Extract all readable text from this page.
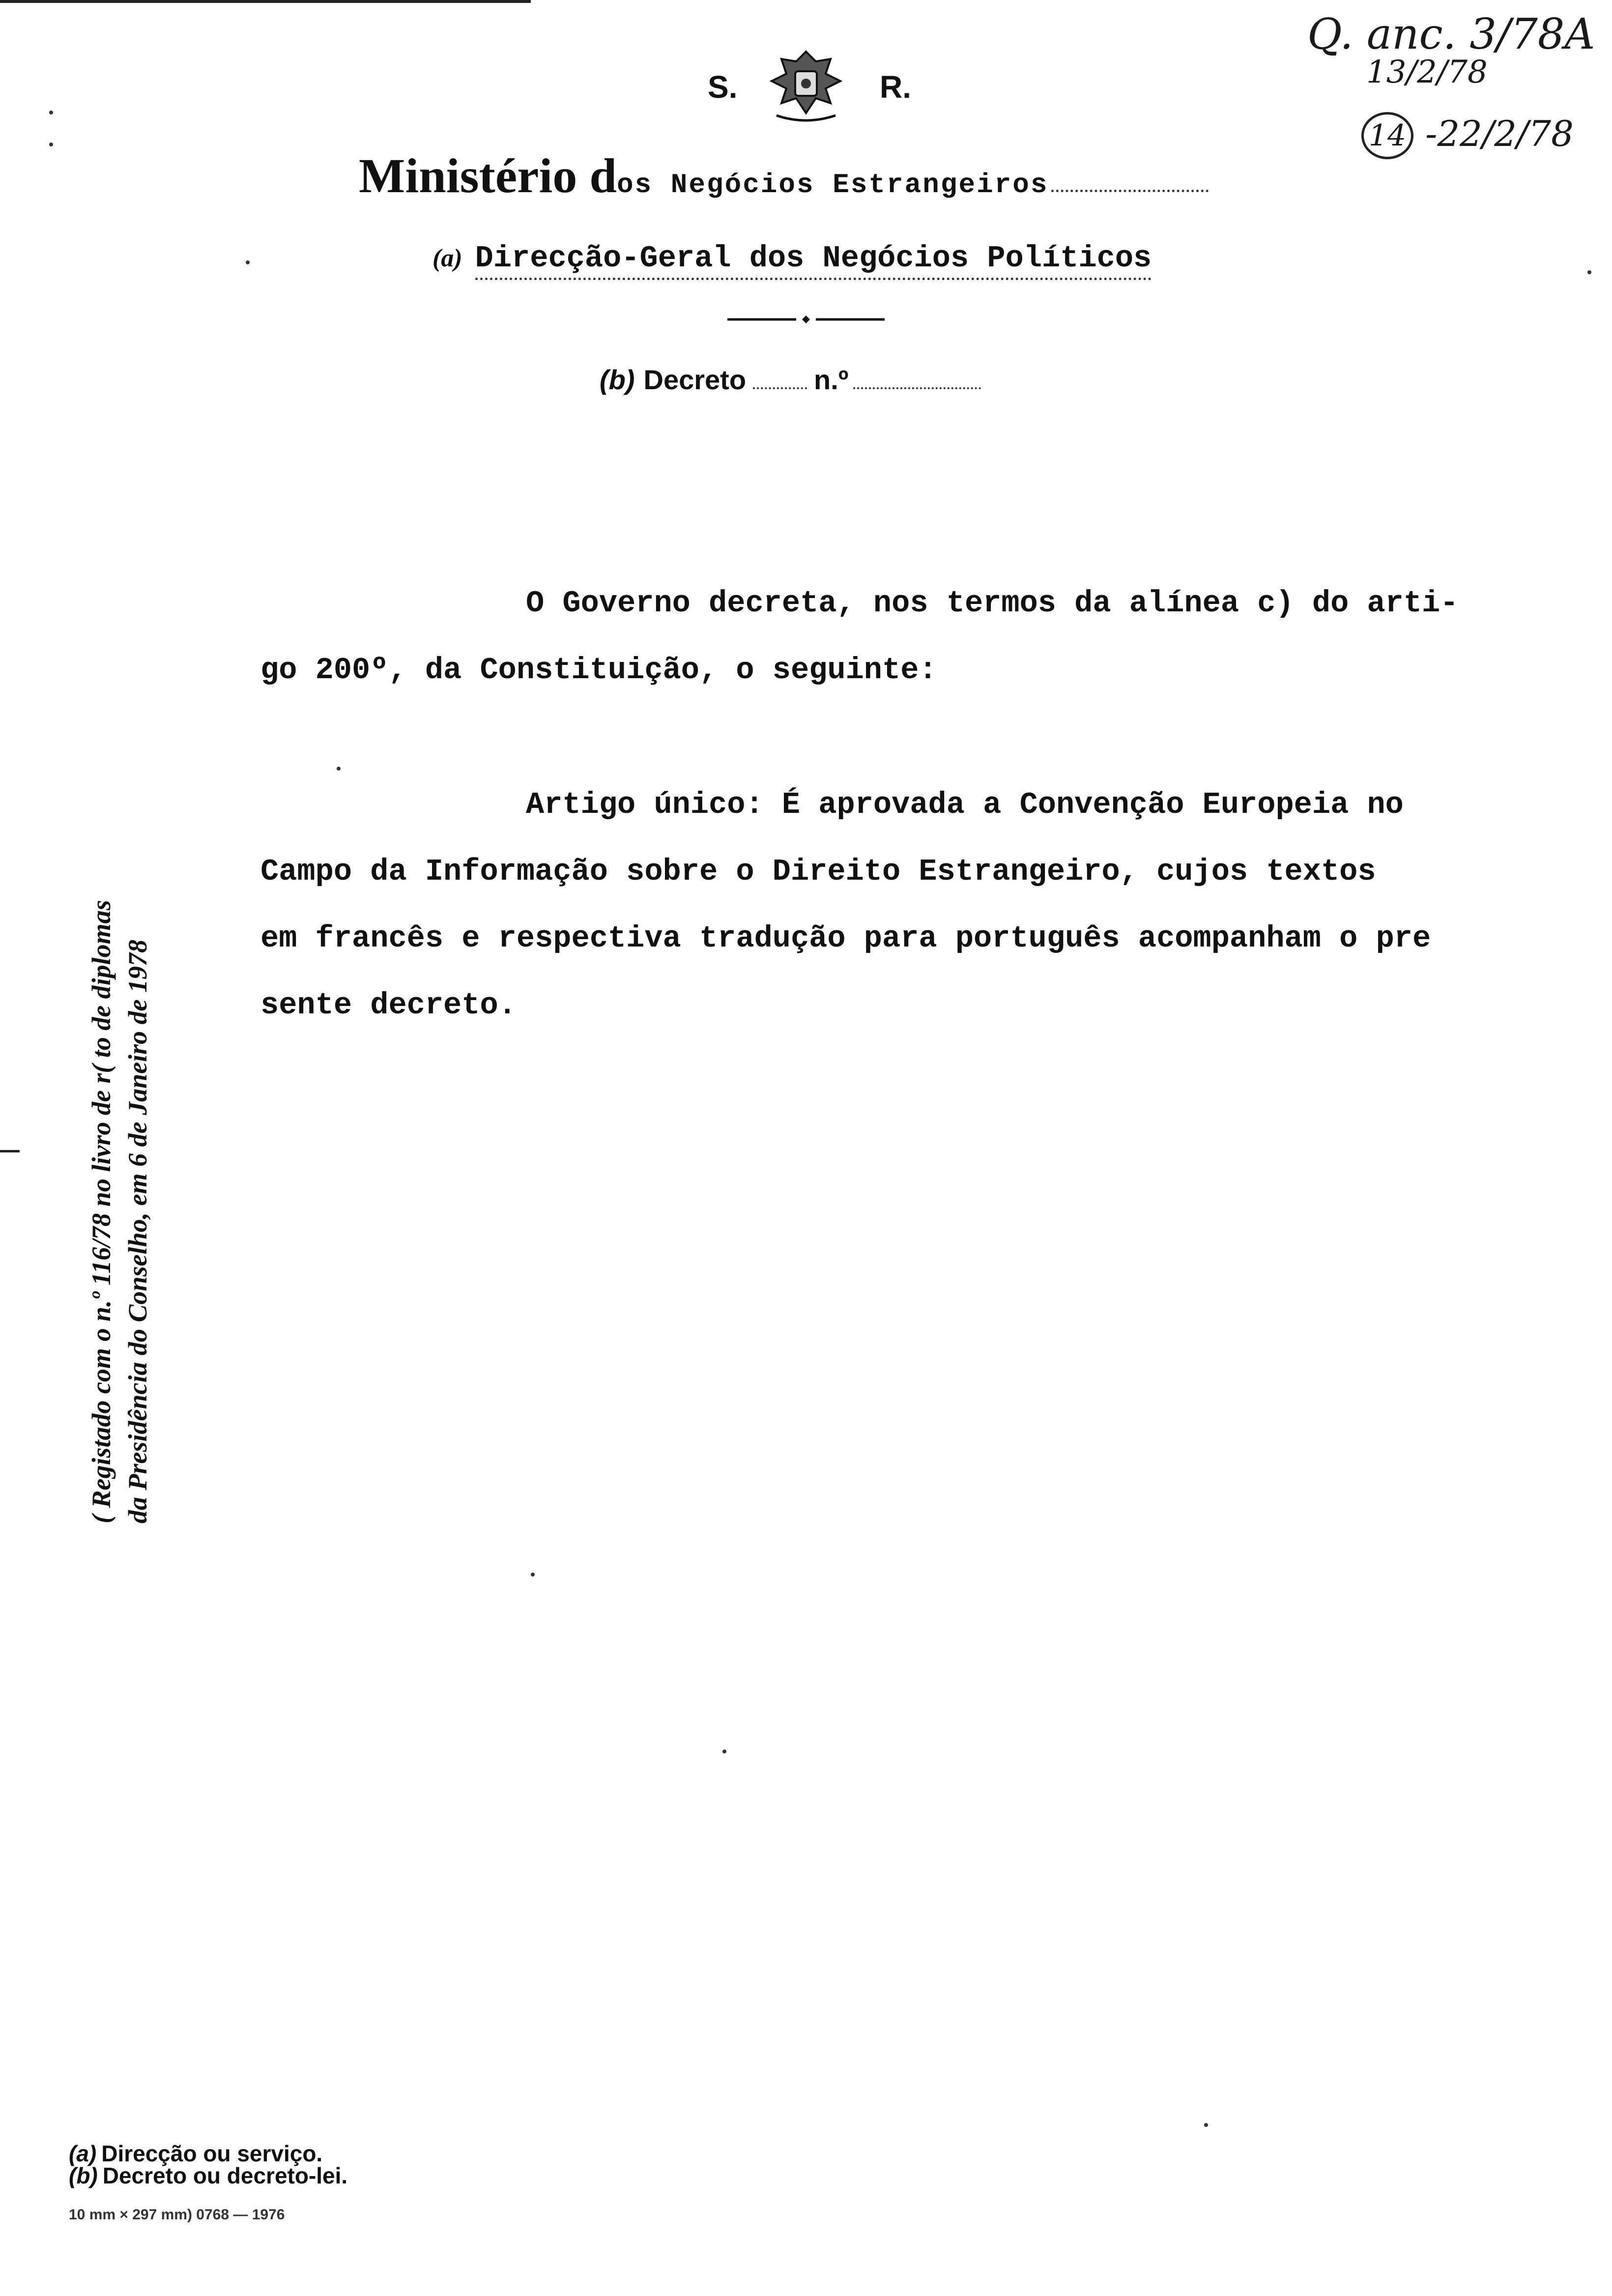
S.	R.
Ministério dos Negócios Estrangeiros
(a) Direcção-Geral dos Negócios Políticos
(b) Decreto n.º
Q. anc. 3/78A
13/2/78
14 -22/2/78
O Governo decreta, nos termos da alínea c) do arti-
go 200º, da Constituição, o seguinte:
Artigo único: É aprovada a Convenção Europeia no
Campo da Informação sobre o Direito Estrangeiro, cujos textos
em francês e respectiva tradução para português acompanham o pre
sente decreto.
( Registado com o n.º 116/78 no livro de r( to de diplomas da Presidência do Conselho, em 6 de Janeiro de 1978
(a) Direcção ou serviço.
(b) Decreto ou decreto-lei.
10 mm × 297 mm) 0768 — 1976
